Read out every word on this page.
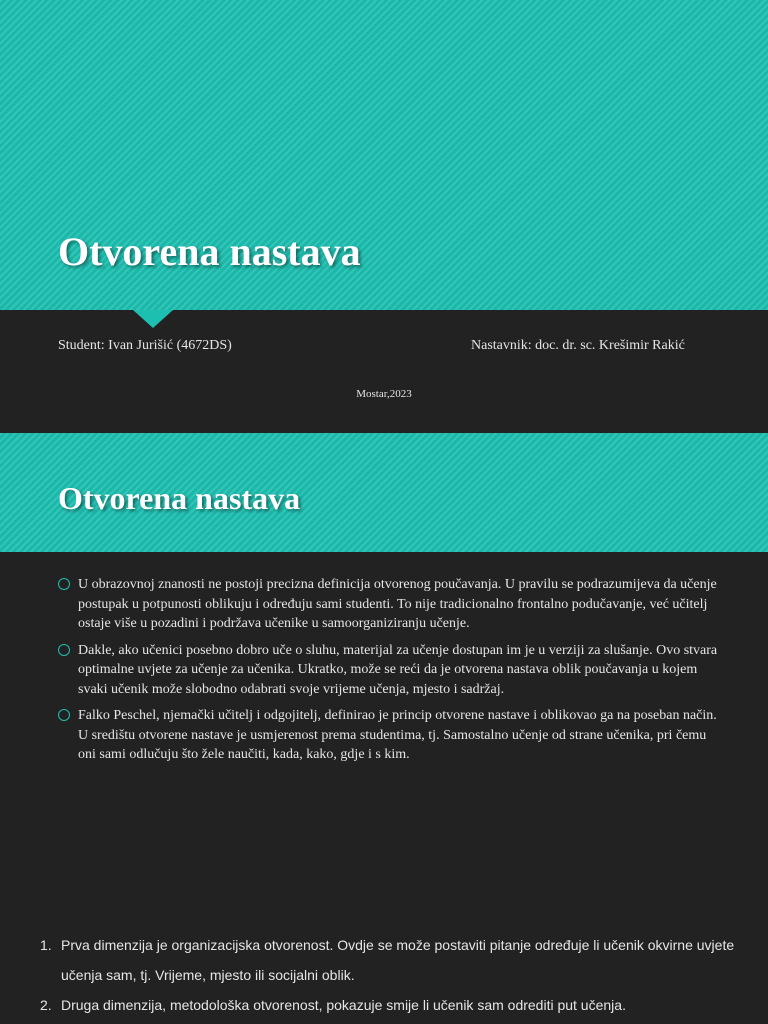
Otvorena nastava
Student: Ivan Jurišić (4672DS)	Nastavnik: doc. dr. sc. Krešimir Rakić
Mostar,2023
Otvorena nastava
U obrazovnoj znanosti ne postoji precizna definicija otvorenog poučavanja. U pravilu se podrazumijeva da učenje postupak u potpunosti oblikuju i određuju sami studenti. To nije tradicionalno frontalno podučavanje, već učitelj ostaje više u pozadini i podržava učenike u samoorganiziranju učenje.
Dakle, ako učenici posebno dobro uče o sluhu, materijal za učenje dostupan im je u verziji za slušanje. Ovo stvara optimalne uvjete za učenje za učenika. Ukratko, može se reći da je otvorena nastava oblik poučavanja u kojem svaki učenik može slobodno odabrati svoje vrijeme učenja, mjesto i sadržaj.
Falko Peschel, njemački učitelj i odgojitelj, definirao je princip otvorene nastave i oblikovao ga na poseban način. U središtu otvorene nastave je usmjerenost prema studentima, tj. Samostalno učenje od strane učenika, pri čemu oni sami odlučuju što žele naučiti, kada, kako, gdje i s kim.
1. Prva dimenzija je organizacijska otvorenost. Ovdje se može postaviti pitanje određuje li učenik okvirne uvjete učenja sam, tj. Vrijeme, mjesto ili socijalni oblik.
2. Druga dimenzija, metodološka otvorenost, pokazuje smije li učenik sam odrediti put učenja.
